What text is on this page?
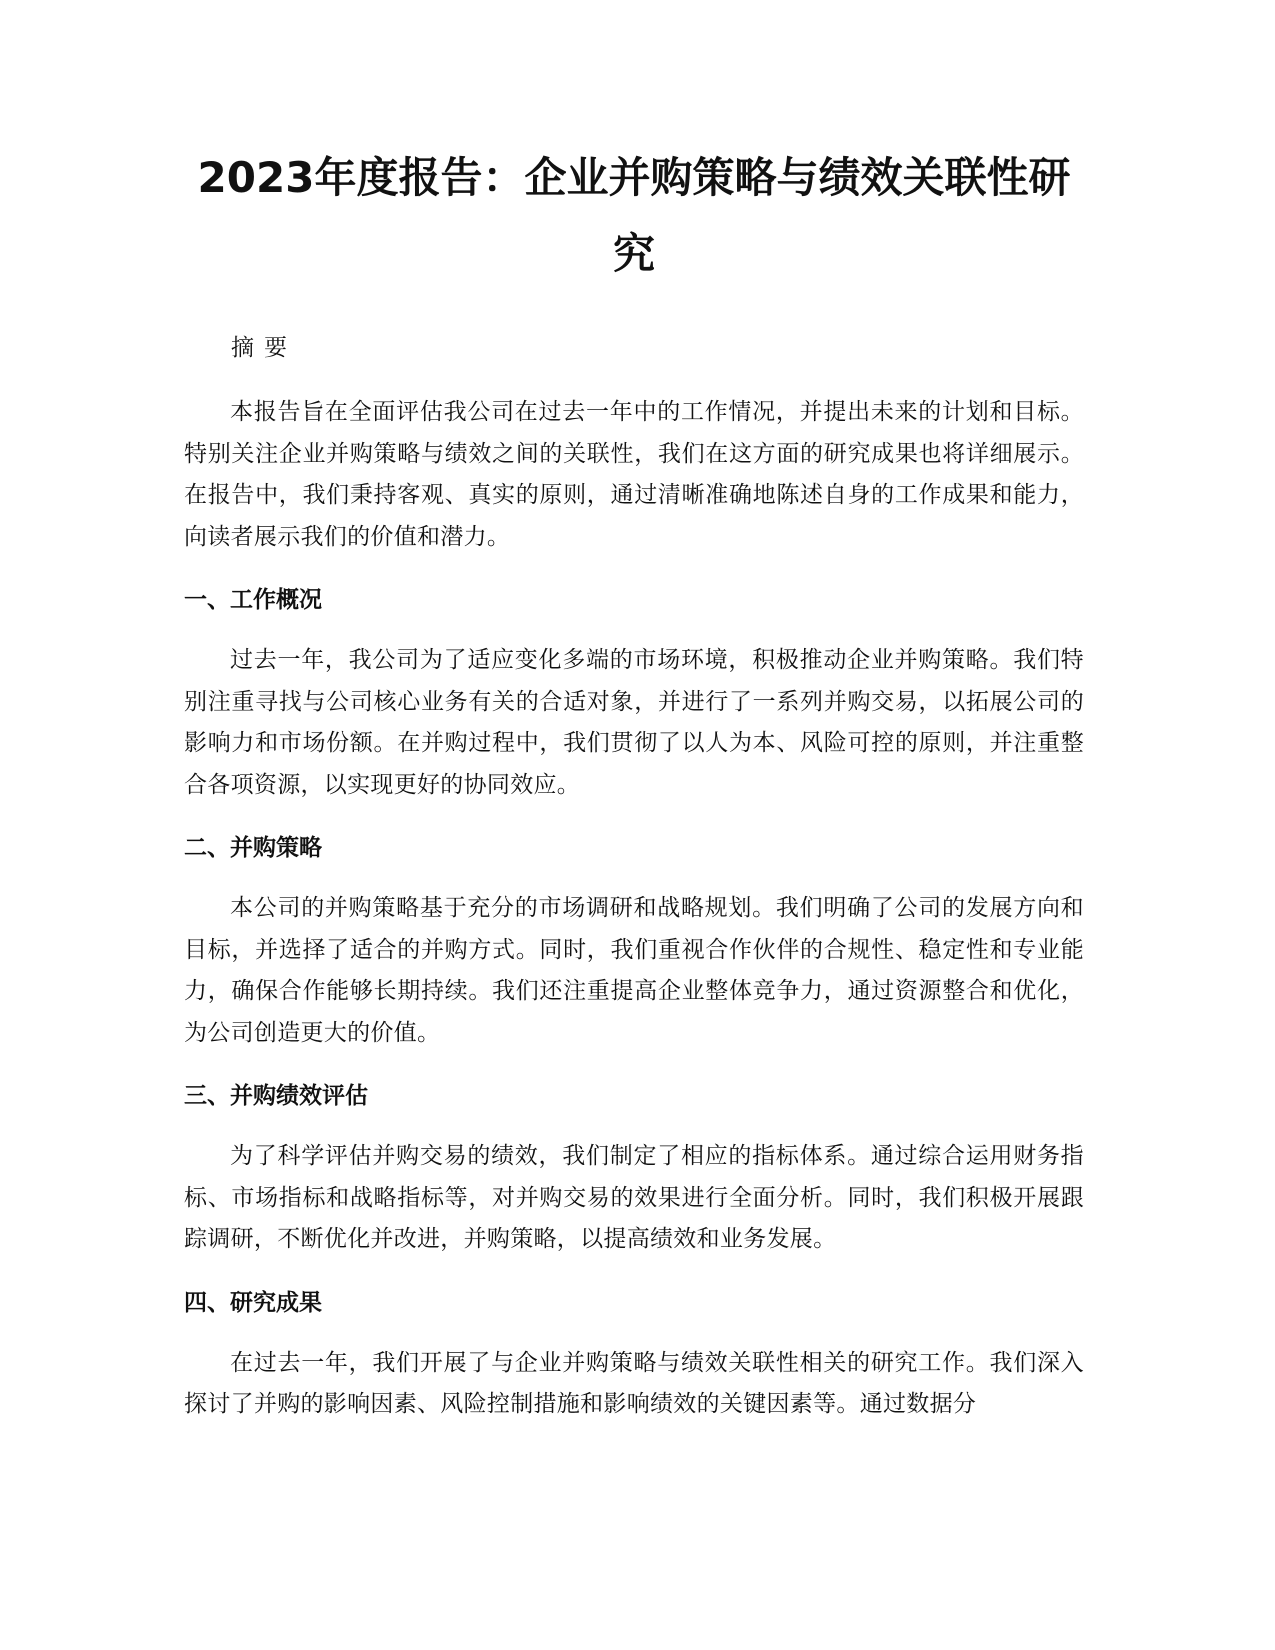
2023年度报告：企业并购策略与绩效关联性研究

摘要

本报告旨在全面评估我公司在过去一年中的工作情况，并提出未来的计划和目标。特别关注企业并购策略与绩效之间的关联性，我们在这方面的研究成果也将详细展示。在报告中，我们秉持客观、真实的原则，通过清晰准确地陈述自身的工作成果和能力，向读者展示我们的价值和潜力。

一、工作概况

过去一年，我公司为了适应变化多端的市场环境，积极推动企业并购策略。我们特别注重寻找与公司核心业务有关的合适对象，并进行了一系列并购交易，以拓展公司的影响力和市场份额。在并购过程中，我们贯彻了以人为本、风险可控的原则，并注重整合各项资源，以实现更好的协同效应。

二、并购策略

本公司的并购策略基于充分的市场调研和战略规划。我们明确了公司的发展方向和目标，并选择了适合的并购方式。同时，我们重视合作伙伴的合规性、稳定性和专业能力，确保合作能够长期持续。我们还注重提高企业整体竞争力，通过资源整合和优化，为公司创造更大的价值。

三、并购绩效评估

为了科学评估并购交易的绩效，我们制定了相应的指标体系。通过综合运用财务指标、市场指标和战略指标等，对并购交易的效果进行全面分析。同时，我们积极开展跟踪调研，不断优化并改进，并购策略，以提高绩效和业务发展。

四、研究成果

在过去一年，我们开展了与企业并购策略与绩效关联性相关的研究工作。我们深入探讨了并购的影响因素、风险控制措施和影响绩效的关键因素等。通过数据分
